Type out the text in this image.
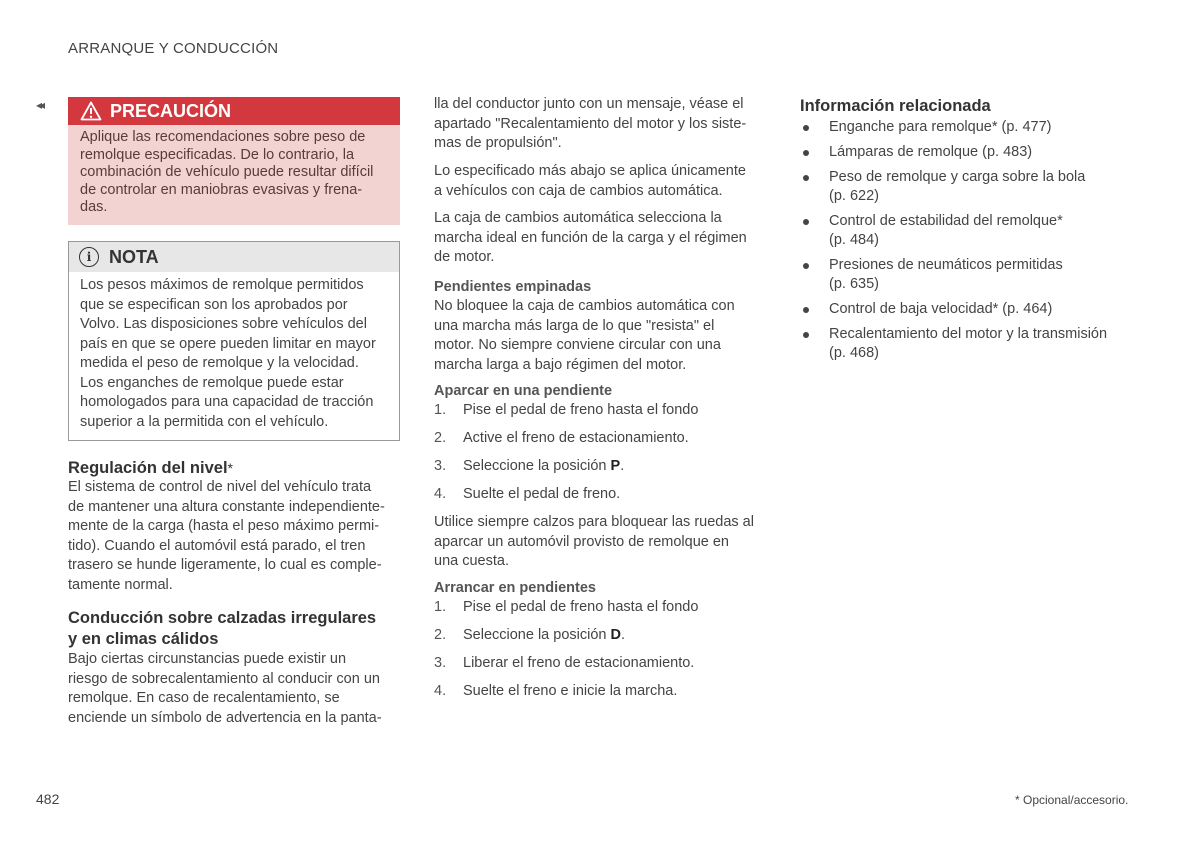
ARRANQUE Y CONDUCCIÓN
◂◂	PRECAUCIÓN
Aplique las recomendaciones sobre peso de
remolque especificadas. De lo contrario, la
combinación de vehículo puede resultar difícil
de controlar en maniobras evasivas y frena-
das.
i NOTA
Los pesos máximos de remolque permitidos
que se especifican son los aprobados por
Volvo. Las disposiciones sobre vehículos del
país en que se opere pueden limitar en mayor
medida el peso de remolque y la velocidad.
Los enganches de remolque puede estar
homologados para una capacidad de tracción
superior a la permitida con el vehículo.
Regulación del nivel*
El sistema de control de nivel del vehículo trata
de mantener una altura constante independiente-
mente de la carga (hasta el peso máximo permi-
tido). Cuando el automóvil está parado, el tren
trasero se hunde ligeramente, lo cual es comple-
tamente normal.
Conducción sobre calzadas irregulares
y en climas cálidos
Bajo ciertas circunstancias puede existir un
riesgo de sobrecalentamiento al conducir con un
remolque. En caso de recalentamiento, se
enciende un símbolo de advertencia en la panta-
lla del conductor junto con un mensaje, véase el
apartado "Recalentamiento del motor y los siste-
mas de propulsión".
Lo especificado más abajo se aplica únicamente
a vehículos con caja de cambios automática.
La caja de cambios automática selecciona la
marcha ideal en función de la carga y el régimen
de motor.
Pendientes empinadas
No bloquee la caja de cambios automática con
una marcha más larga de lo que "resista" el
motor. No siempre conviene circular con una
marcha larga a bajo régimen del motor.
Aparcar en una pendiente
1. Pise el pedal de freno hasta el fondo
2. Active el freno de estacionamiento.
3. Seleccione la posición P.
4. Suelte el pedal de freno.
Utilice siempre calzos para bloquear las ruedas al
aparcar un automóvil provisto de remolque en
una cuesta.
Arrancar en pendientes
1. Pise el pedal de freno hasta el fondo
2. Seleccione la posición D.
3. Liberar el freno de estacionamiento.
4. Suelte el freno e inicie la marcha.
Información relacionada
Enganche para remolque* (p. 477)
Lámparas de remolque (p. 483)
Peso de remolque y carga sobre la bola
(p. 622)
Control de estabilidad del remolque*
(p. 484)
Presiones de neumáticos permitidas
(p. 635)
Control de baja velocidad* (p. 464)
Recalentamiento del motor y la transmisión
(p. 468)
482	* Opcional/accesorio.
